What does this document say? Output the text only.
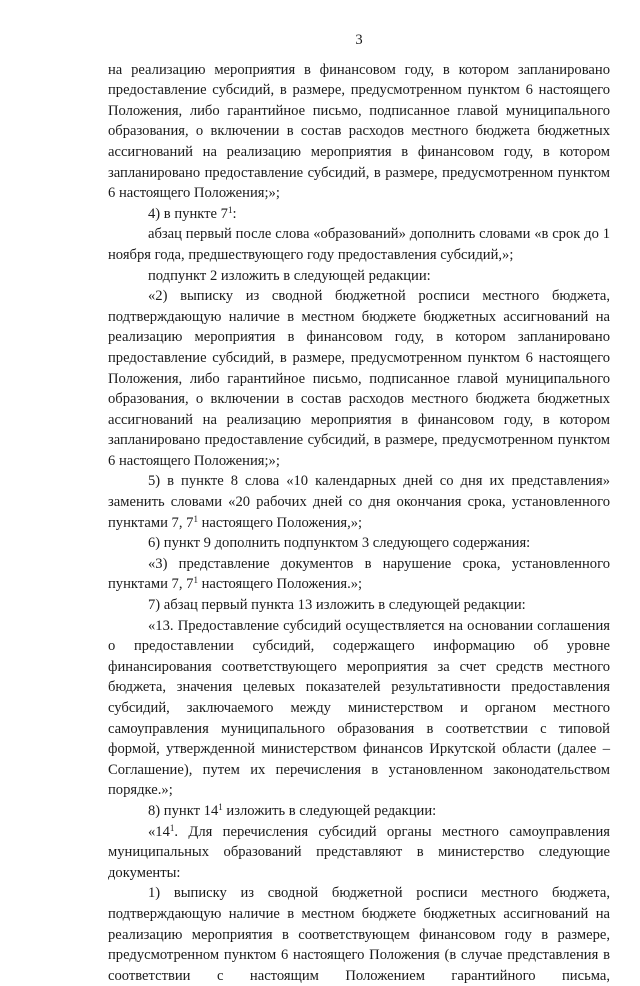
3

на реализацию мероприятия в финансовом году, в котором запланировано предоставление субсидий, в размере, предусмотренном пунктом 6 настоящего Положения, либо гарантийное письмо, подписанное главой муниципального образования, о включении в состав расходов местного бюджета бюджетных ассигнований на реализацию мероприятия в финансовом году, в котором запланировано предоставление субсидий, в размере, предусмотренном пунктом 6 настоящего Положения;»;

4) в пункте $7^1$:

абзац первый после слова «образований» дополнить словами «в срок до 1 ноября года, предшествующего году предоставления субсидий,»;

подпункт 2 изложить в следующей редакции:

«2) выписку из сводной бюджетной росписи местного бюджета, подтверждающую наличие в местном бюджете бюджетных ассигнований на реализацию мероприятия в финансовом году, в котором запланировано предоставление субсидий, в размере, предусмотренном пунктом 6 настоящего Положения, либо гарантийное письмо, подписанное главой муниципального образования, о включении в состав расходов местного бюджета бюджетных ассигнований на реализацию мероприятия в финансовом году, в котором запланировано предоставление субсидий, в размере, предусмотренном пунктом 6 настоящего Положения;»;

5) в пункте 8 слова «10 календарных дней со дня их представления» заменить словами «20 рабочих дней со дня окончания срока, установленного пунктами 7, $7^1$ настоящего Положения,»;

6) пункт 9 дополнить подпунктом 3 следующего содержания:

«3) представление документов в нарушение срока, установленного пунктами 7, $7^1$ настоящего Положения.»;

7) абзац первый пункта 13 изложить в следующей редакции:

«13. Предоставление субсидий осуществляется на основании соглашения о предоставлении субсидий, содержащего информацию об уровне финансирования соответствующего мероприятия за счет средств местного бюджета, значения целевых показателей результативности предоставления субсидий, заключаемого между министерством и органом местного самоуправления муниципального образования в соответствии с типовой формой, утвержденной министерством финансов Иркутской области (далее – Соглашение), путем их перечисления в установленном законодательством порядке.»;

8) пункт $14^1$ изложить в следующей редакции:

«$14^1$. Для перечисления субсидий органы местного самоуправления муниципальных образований представляют в министерство следующие документы:

1) выписку из сводной бюджетной росписи местного бюджета, подтверждающую наличие в местном бюджете бюджетных ассигнований на реализацию мероприятия в соответствующем финансовом году в размере, предусмотренном пунктом 6 настоящего Положения (в случае представления в соответствии с настоящим Положением гарантийного письма,
